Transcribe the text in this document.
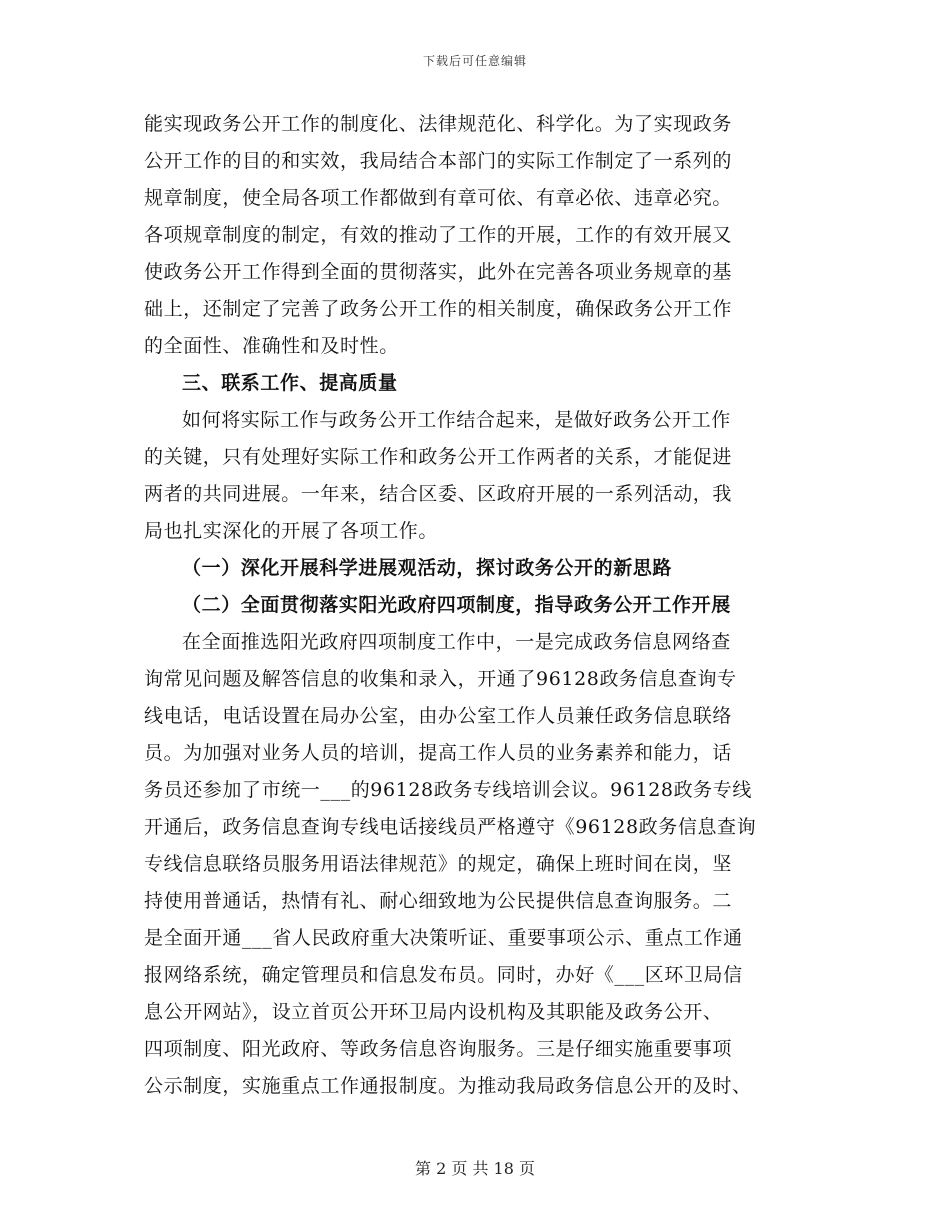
下载后可任意编辑
能实现政务公开工作的制度化、法律规范化、科学化。为了实现政务
公开工作的目的和实效，我局结合本部门的实际工作制定了一系列的
规章制度，使全局各项工作都做到有章可依、有章必依、违章必究。
各项规章制度的制定，有效的推动了工作的开展，工作的有效开展又
使政务公开工作得到全面的贯彻落实，此外在完善各项业务规章的基
础上，还制定了完善了政务公开工作的相关制度，确保政务公开工作
的全面性、准确性和及时性。
三、联系工作、提高质量
如何将实际工作与政务公开工作结合起来，是做好政务公开工作
的关键，只有处理好实际工作和政务公开工作两者的关系，才能促进
两者的共同进展。一年来，结合区委、区政府开展的一系列活动，我
局也扎实深化的开展了各项工作。
（一）深化开展科学进展观活动，探讨政务公开的新思路
（二）全面贯彻落实阳光政府四项制度，指导政务公开工作开展
在全面推选阳光政府四项制度工作中，一是完成政务信息网络查
询常见问题及解答信息的收集和录入，开通了96128政务信息查询专
线电话，电话设置在局办公室，由办公室工作人员兼任政务信息联络
员。为加强对业务人员的培训，提高工作人员的业务素养和能力，话
务员还参加了市统一___的96128政务专线培训会议。96128政务专线
开通后，政务信息查询专线电话接线员严格遵守《96128政务信息查询
专线信息联络员服务用语法律规范》的规定，确保上班时间在岗，坚
持使用普通话，热情有礼、耐心细致地为公民提供信息查询服务。二
是全面开通___省人民政府重大决策听证、重要事项公示、重点工作通
报网络系统，确定管理员和信息发布员。同时，办好《___区环卫局信
息公开网站》，设立首页公开环卫局内设机构及其职能及政务公开、
四项制度、阳光政府、等政务信息咨询服务。三是仔细实施重要事项
公示制度，实施重点工作通报制度。为推动我局政务信息公开的及时、
第 2 页 共 18 页
